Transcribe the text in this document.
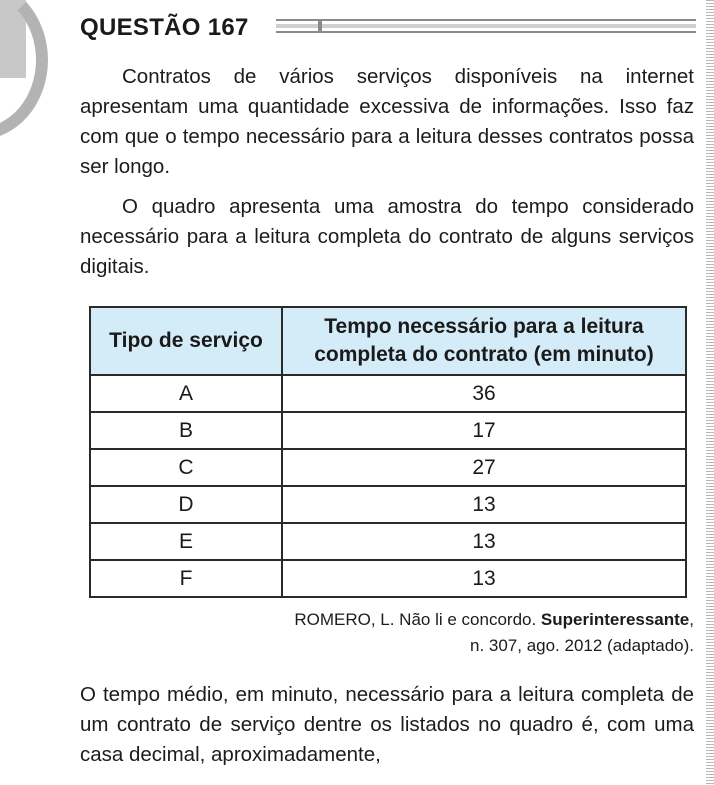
QUESTÃO 167
Contratos de vários serviços disponíveis na internet apresentam uma quantidade excessiva de informações. Isso faz com que o tempo necessário para a leitura desses contratos possa ser longo.
O quadro apresenta uma amostra do tempo considerado necessário para a leitura completa do contrato de alguns serviços digitais.
Tipo de serviço	Tempo necessário para a leitura completa do contrato (em minuto)
A	36
B	17
C	27
D	13
E	13
F	13
ROMERO, L. Não li e concordo. Superinteressante,
n. 307, ago. 2012 (adaptado).
O tempo médio, em minuto, necessário para a leitura completa de um contrato de serviço dentre os listados no quadro é, com uma casa decimal, aproximadamente,
